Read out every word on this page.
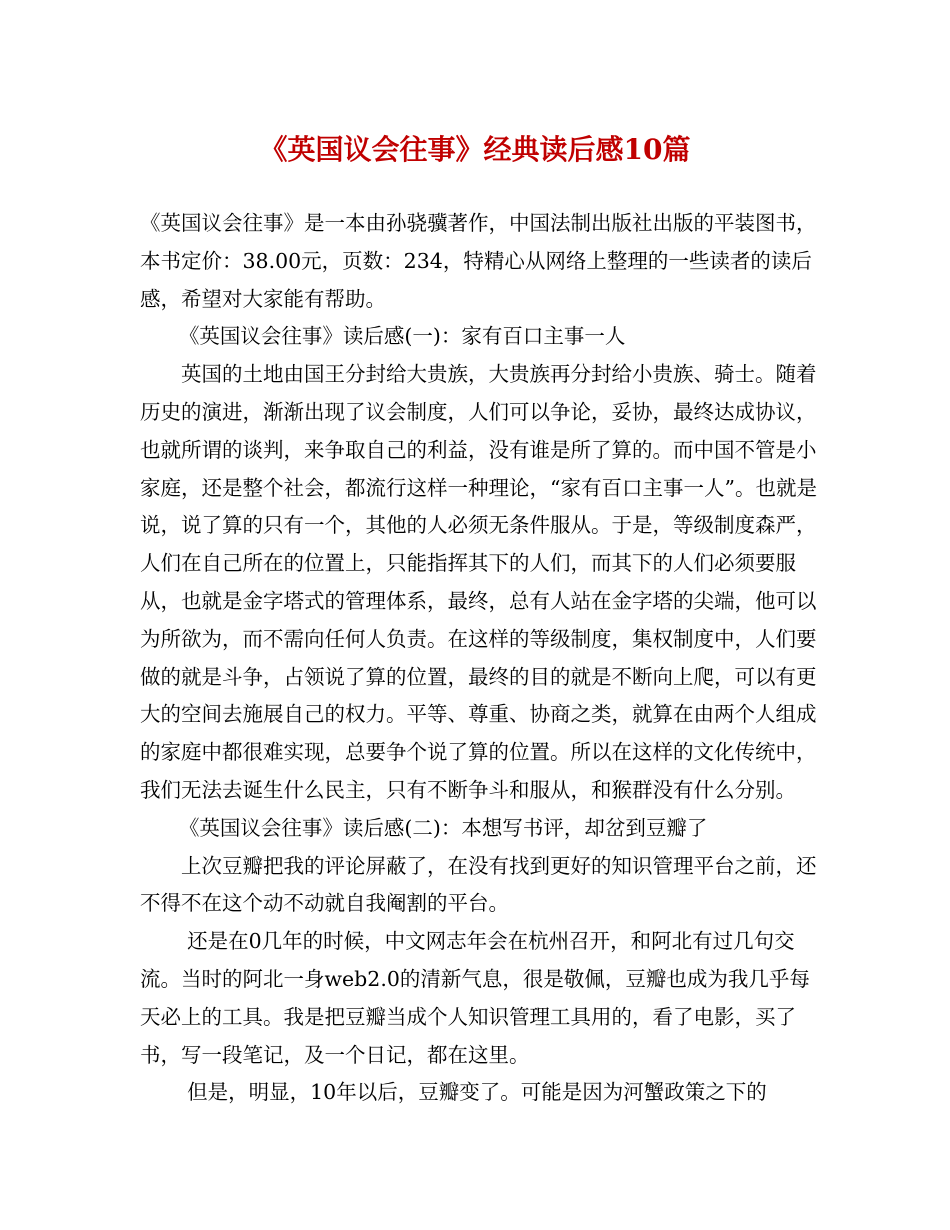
《英国议会往事》经典读后感10篇

《英国议会往事》是一本由孙骁骥著作，中国法制出版社出版的平装图书，本书定价：38.00元，页数：234，特精心从网络上整理的一些读者的读后感，希望对大家能有帮助。

《英国议会往事》读后感(一)：家有百口主事一人

英国的土地由国王分封给大贵族，大贵族再分封给小贵族、骑士。随着历史的演进，渐渐出现了议会制度，人们可以争论，妥协，最终达成协议，也就所谓的谈判，来争取自己的利益，没有谁是所了算的。而中国不管是小家庭，还是整个社会，都流行这样一种理论，“家有百口主事一人”。也就是说，说了算的只有一个，其他的人必须无条件服从。于是，等级制度森严，人们在自己所在的位置上，只能指挥其下的人们，而其下的人们必须要服从，也就是金字塔式的管理体系，最终，总有人站在金字塔的尖端，他可以为所欲为，而不需向任何人负责。在这样的等级制度，集权制度中，人们要做的就是斗争，占领说了算的位置，最终的目的就是不断向上爬，可以有更大的空间去施展自己的权力。平等、尊重、协商之类，就算在由两个人组成的家庭中都很难实现，总要争个说了算的位置。所以在这样的文化传统中，我们无法去诞生什么民主，只有不断争斗和服从，和猴群没有什么分别。

《英国议会往事》读后感(二)：本想写书评，却岔到豆瓣了

上次豆瓣把我的评论屏蔽了，在没有找到更好的知识管理平台之前，还不得不在这个动不动就自我阉割的平台。

还是在0几年的时候，中文网志年会在杭州召开，和阿北有过几句交流。当时的阿北一身web2.0的清新气息，很是敬佩，豆瓣也成为我几乎每天必上的工具。我是把豆瓣当成个人知识管理工具用的，看了电影，买了书，写一段笔记，及一个日记，都在这里。

但是，明显，10年以后，豆瓣变了。可能是因为河蟹政策之下的
